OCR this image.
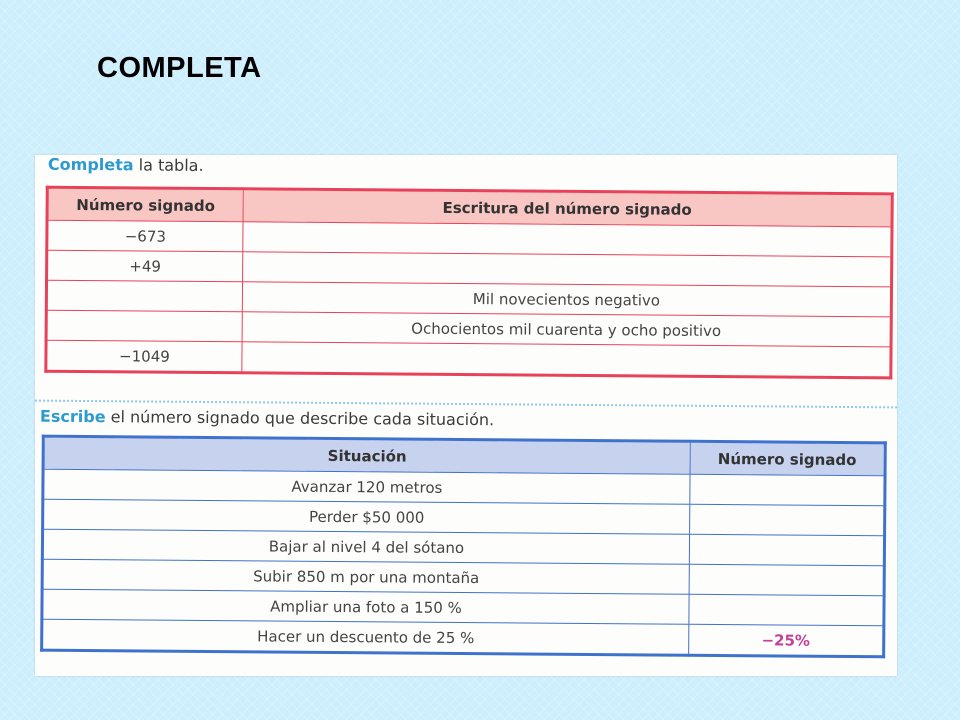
COMPLETA
Completa la tabla.
Número signado	Escritura del número signado
−673	
+49	
	Mil novecientos negativo
	Ochocientos mil cuarenta y ocho positivo
−1049	
Escribe el número signado que describe cada situación.
Situación	Número signado
Avanzar 120 metros	
Perder $50 000	
Bajar al nivel 4 del sótano	
Subir 850 m por una montaña	
Ampliar una foto a 150 %	
Hacer un descuento de 25 %	−25%
